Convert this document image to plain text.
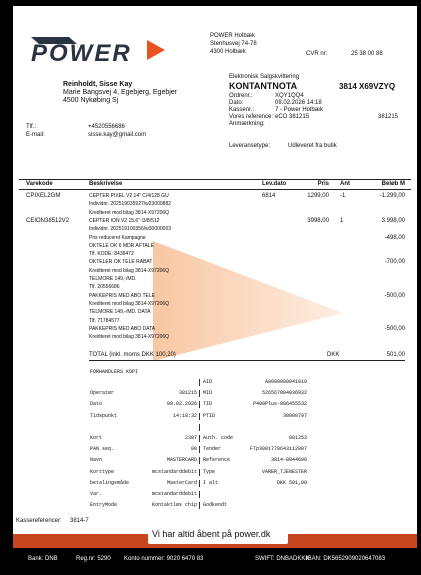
POWER
POWER Holbæk
Stenhusvej 74-78
4300 Holbæk	CVR nr:	25 38 00 88
Reinholdt, Sisse Kay
Marie Bangsvej 4, Egebjerg, Egebjer
4500 Nykøbing Sj
Tlf.:	+4520556686
E-mail:	sisse.kay@gmail.com
Elektronisk Salgskvittering
KONTANTNOTA	3814 X69VZYQ
Ordrenr.:	XQY1QQ4
Dato:	09.02.2026 14:18
Kassenr.:	7 - Power Holbæk
Vores reference: eCO 381215	381215
Anmærkning:
Leveransetype:	Udleveret fra butik
Varekode	Beskrivelse	Lev.dato	Pris Ant	Beløb M
CPIXEL2GM	CEPTER PIXEL V2 14" C/4/128 GU	6814	1299,00 -1	-1.299,00
Individnr. 202519035927/w23000882
Krediteret mod bilag 3814-X97206Q
CEION38512V2	CEPTER ION V2 15.6" I3/8/512	3998,00 1	3.998,00
Individnr. 202519100356/w30000003
Pris reduceret Kampagne	-498,00
OKTELE OK 6 MDR AFTALE
Tlf. KODE: 8436472
OKTELER OK TELE RABAT	-700,00
Krediteret mod bilag 3814-X97206Q
TELMORE 149,-/MD.
Tlf. 20556686
PAKKEPRIS MED ABO TELE	-500,00
Krediteret mod bilag 3814-X97206Q
TELMORE 149,-/MD. DATA
Tlf. 71784577
PAKKEPRIS MED ABO DATA	-500,00
Krediteret mod bilag 3814-X97206Q
TOTAL (inkl. moms DKK 100,20)	DKK	501,00
FORHANDLERS KOPI
AID	A0000000041010
Operatør	381215 MID	526567004936932
Dato	09.02.2026 TID	P400Plus-806455532
Tidspunkt	14:18:32 PTID	38008797
Kort	2387 Auth. code	801253
PAN seq.	00 Tender	FTp3001770643112007
Navn	MASTERCARD Reference	3814-0844690
Korttype	mcstandarddebit Type	VARER_TJENESTER
betalingsmåde	MasterCard I alt	DKK 501,00
Var.	mcstandarddebit
EntryMode	Kontaktløs chip Godkendt
Kassereferencer: 3814-7
Vi har altid åbent på power.dk
Bank: DNB	Reg.nr: 5290 Konto nummer: 9020 6470 83	SWIFT: DNBADKKK
IBAN: DK5652909020647083
